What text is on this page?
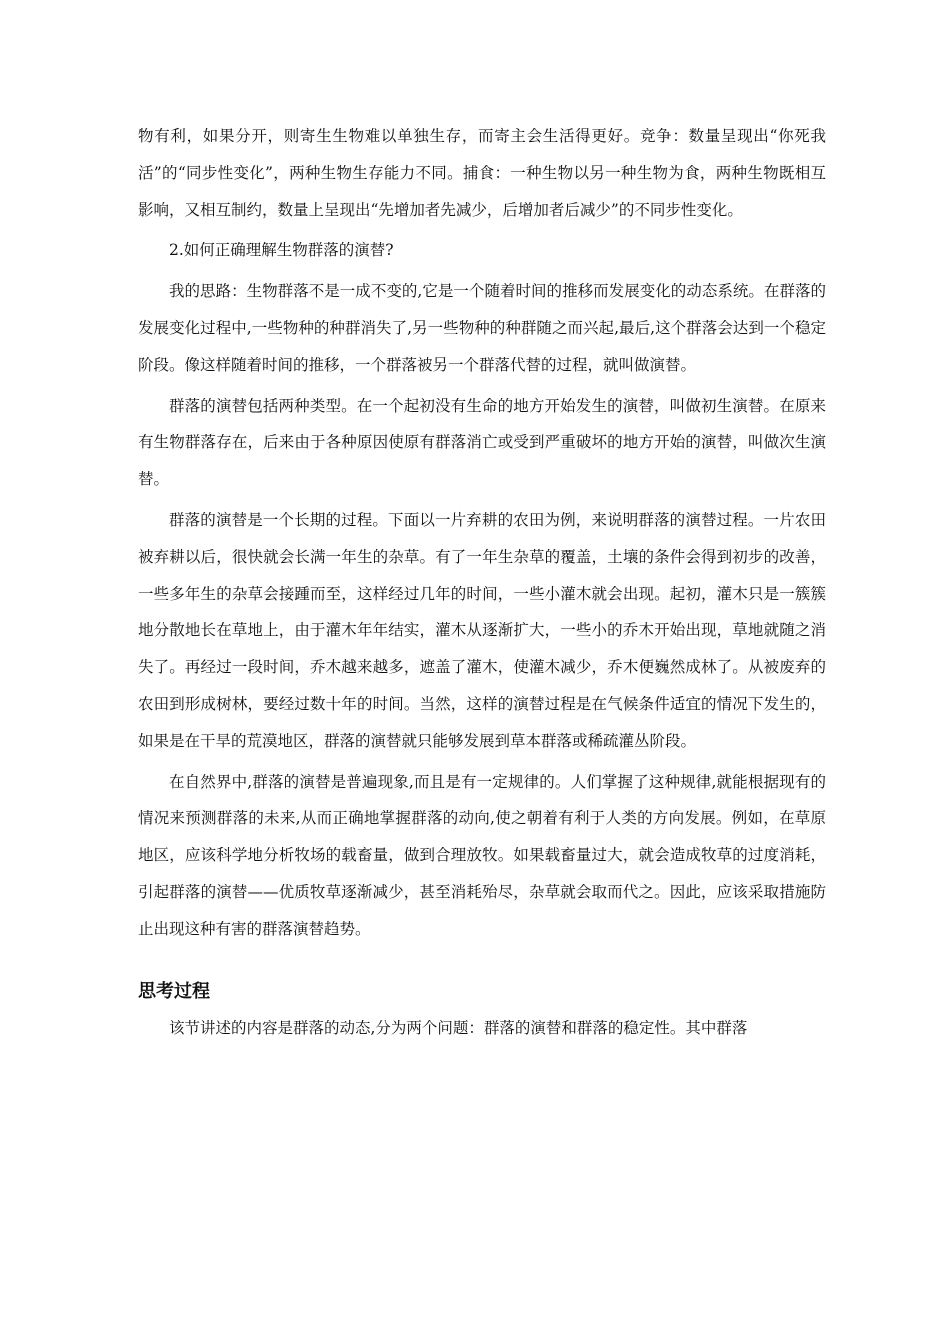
物有利，如果分开，则寄生生物难以单独生存，而寄主会生活得更好。竞争：数量呈现出“你死我活”的“同步性变化”，两种生物生存能力不同。捕食：一种生物以另一种生物为食，两种生物既相互影响，又相互制约，数量上呈现出“先增加者先减少，后增加者后减少”的不同步性变化。

2.如何正确理解生物群落的演替?

我的思路：生物群落不是一成不变的,它是一个随着时间的推移而发展变化的动态系统。在群落的发展变化过程中,一些物种的种群消失了,另一些物种的种群随之而兴起,最后,这个群落会达到一个稳定阶段。像这样随着时间的推移，一个群落被另一个群落代替的过程，就叫做演替。

群落的演替包括两种类型。在一个起初没有生命的地方开始发生的演替，叫做初生演替。在原来有生物群落存在，后来由于各种原因使原有群落消亡或受到严重破坏的地方开始的演替，叫做次生演替。

群落的演替是一个长期的过程。下面以一片弃耕的农田为例，来说明群落的演替过程。一片农田被弃耕以后，很快就会长满一年生的杂草。有了一年生杂草的覆盖，土壤的条件会得到初步的改善，一些多年生的杂草会接踵而至，这样经过几年的时间，一些小灌木就会出现。起初，灌木只是一簇簇地分散地长在草地上，由于灌木年年结实，灌木从逐渐扩大，一些小的乔木开始出现，草地就随之消失了。再经过一段时间，乔木越来越多，遮盖了灌木，使灌木减少，乔木便巍然成林了。从被废弃的农田到形成树林，要经过数十年的时间。当然，这样的演替过程是在气候条件适宜的情况下发生的，如果是在干旱的荒漠地区，群落的演替就只能够发展到草本群落或稀疏灌丛阶段。

在自然界中,群落的演替是普遍现象,而且是有一定规律的。人们掌握了这种规律,就能根据现有的情况来预测群落的未来,从而正确地掌握群落的动向,使之朝着有利于人类的方向发展。例如，在草原地区，应该科学地分析牧场的载畜量，做到合理放牧。如果载畜量过大，就会造成牧草的过度消耗，引起群落的演替——优质牧草逐渐减少，甚至消耗殆尽，杂草就会取而代之。因此，应该采取措施防止出现这种有害的群落演替趋势。

思考过程

该节讲述的内容是群落的动态,分为两个问题：群落的演替和群落的稳定性。其中群落
